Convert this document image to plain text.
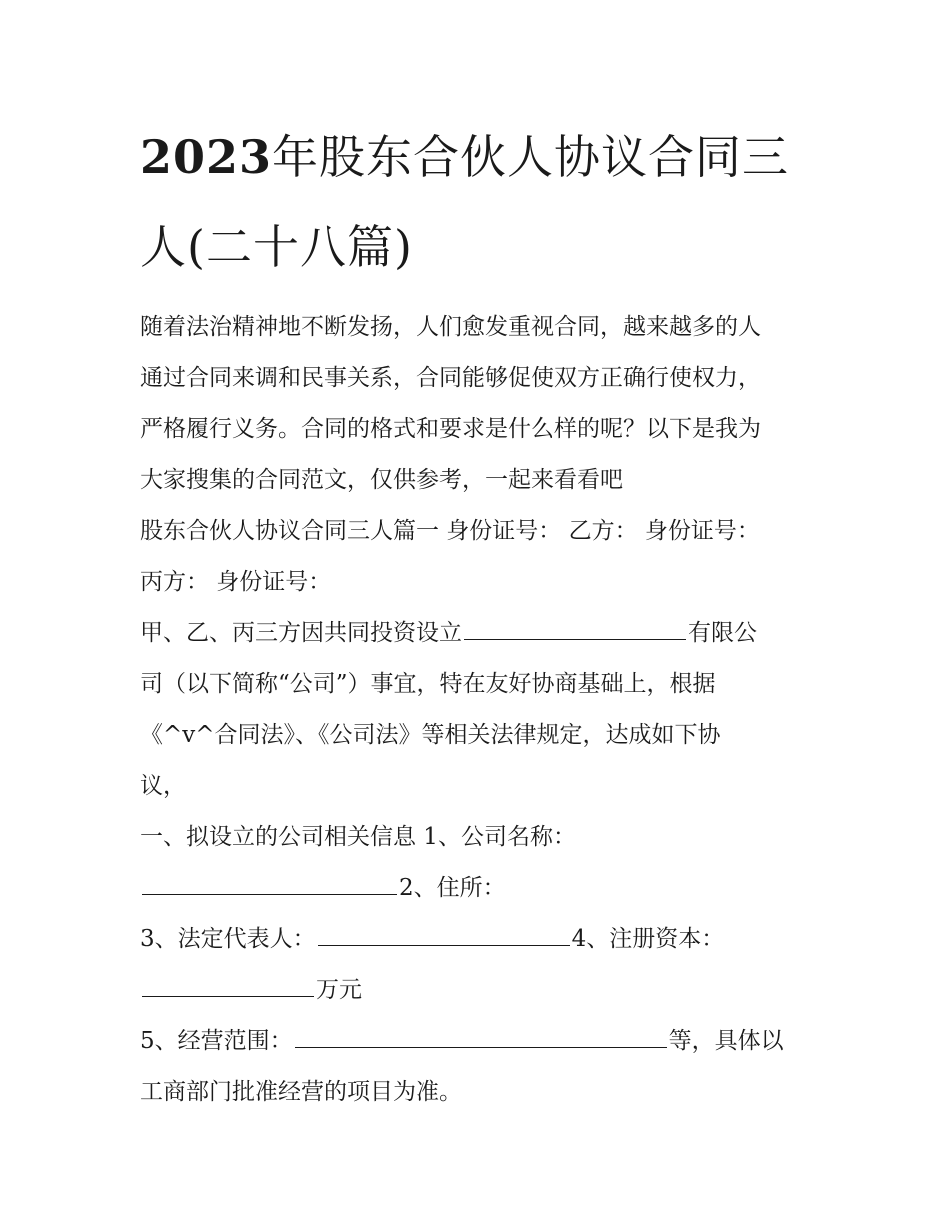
2023年股东合伙人协议合同三
人(二十八篇)

随着法治精神地不断发扬，人们愈发重视合同，越来越多的人

通过合同来调和民事关系，合同能够促使双方正确行使权力，

严格履行义务。合同的格式和要求是什么样的呢？以下是我为

大家搜集的合同范文，仅供参考，一起来看看吧

股东合伙人协议合同三人篇一 身份证号： 乙方： 身份证号：

丙方： 身份证号：

甲、乙、丙三方因共同投资设立	有限公

司（以下简称“公司”）事宜，特在友好协商基础上，根据

《^v^合同法》、《公司法》等相关法律规定，达成如下协

议，

一、拟设立的公司相关信息 1、公司名称：

2、住所：

3、法定代表人：	4、注册资本：

万元

5、经营范围：	等，具体以

工商部门批准经营的项目为准。
